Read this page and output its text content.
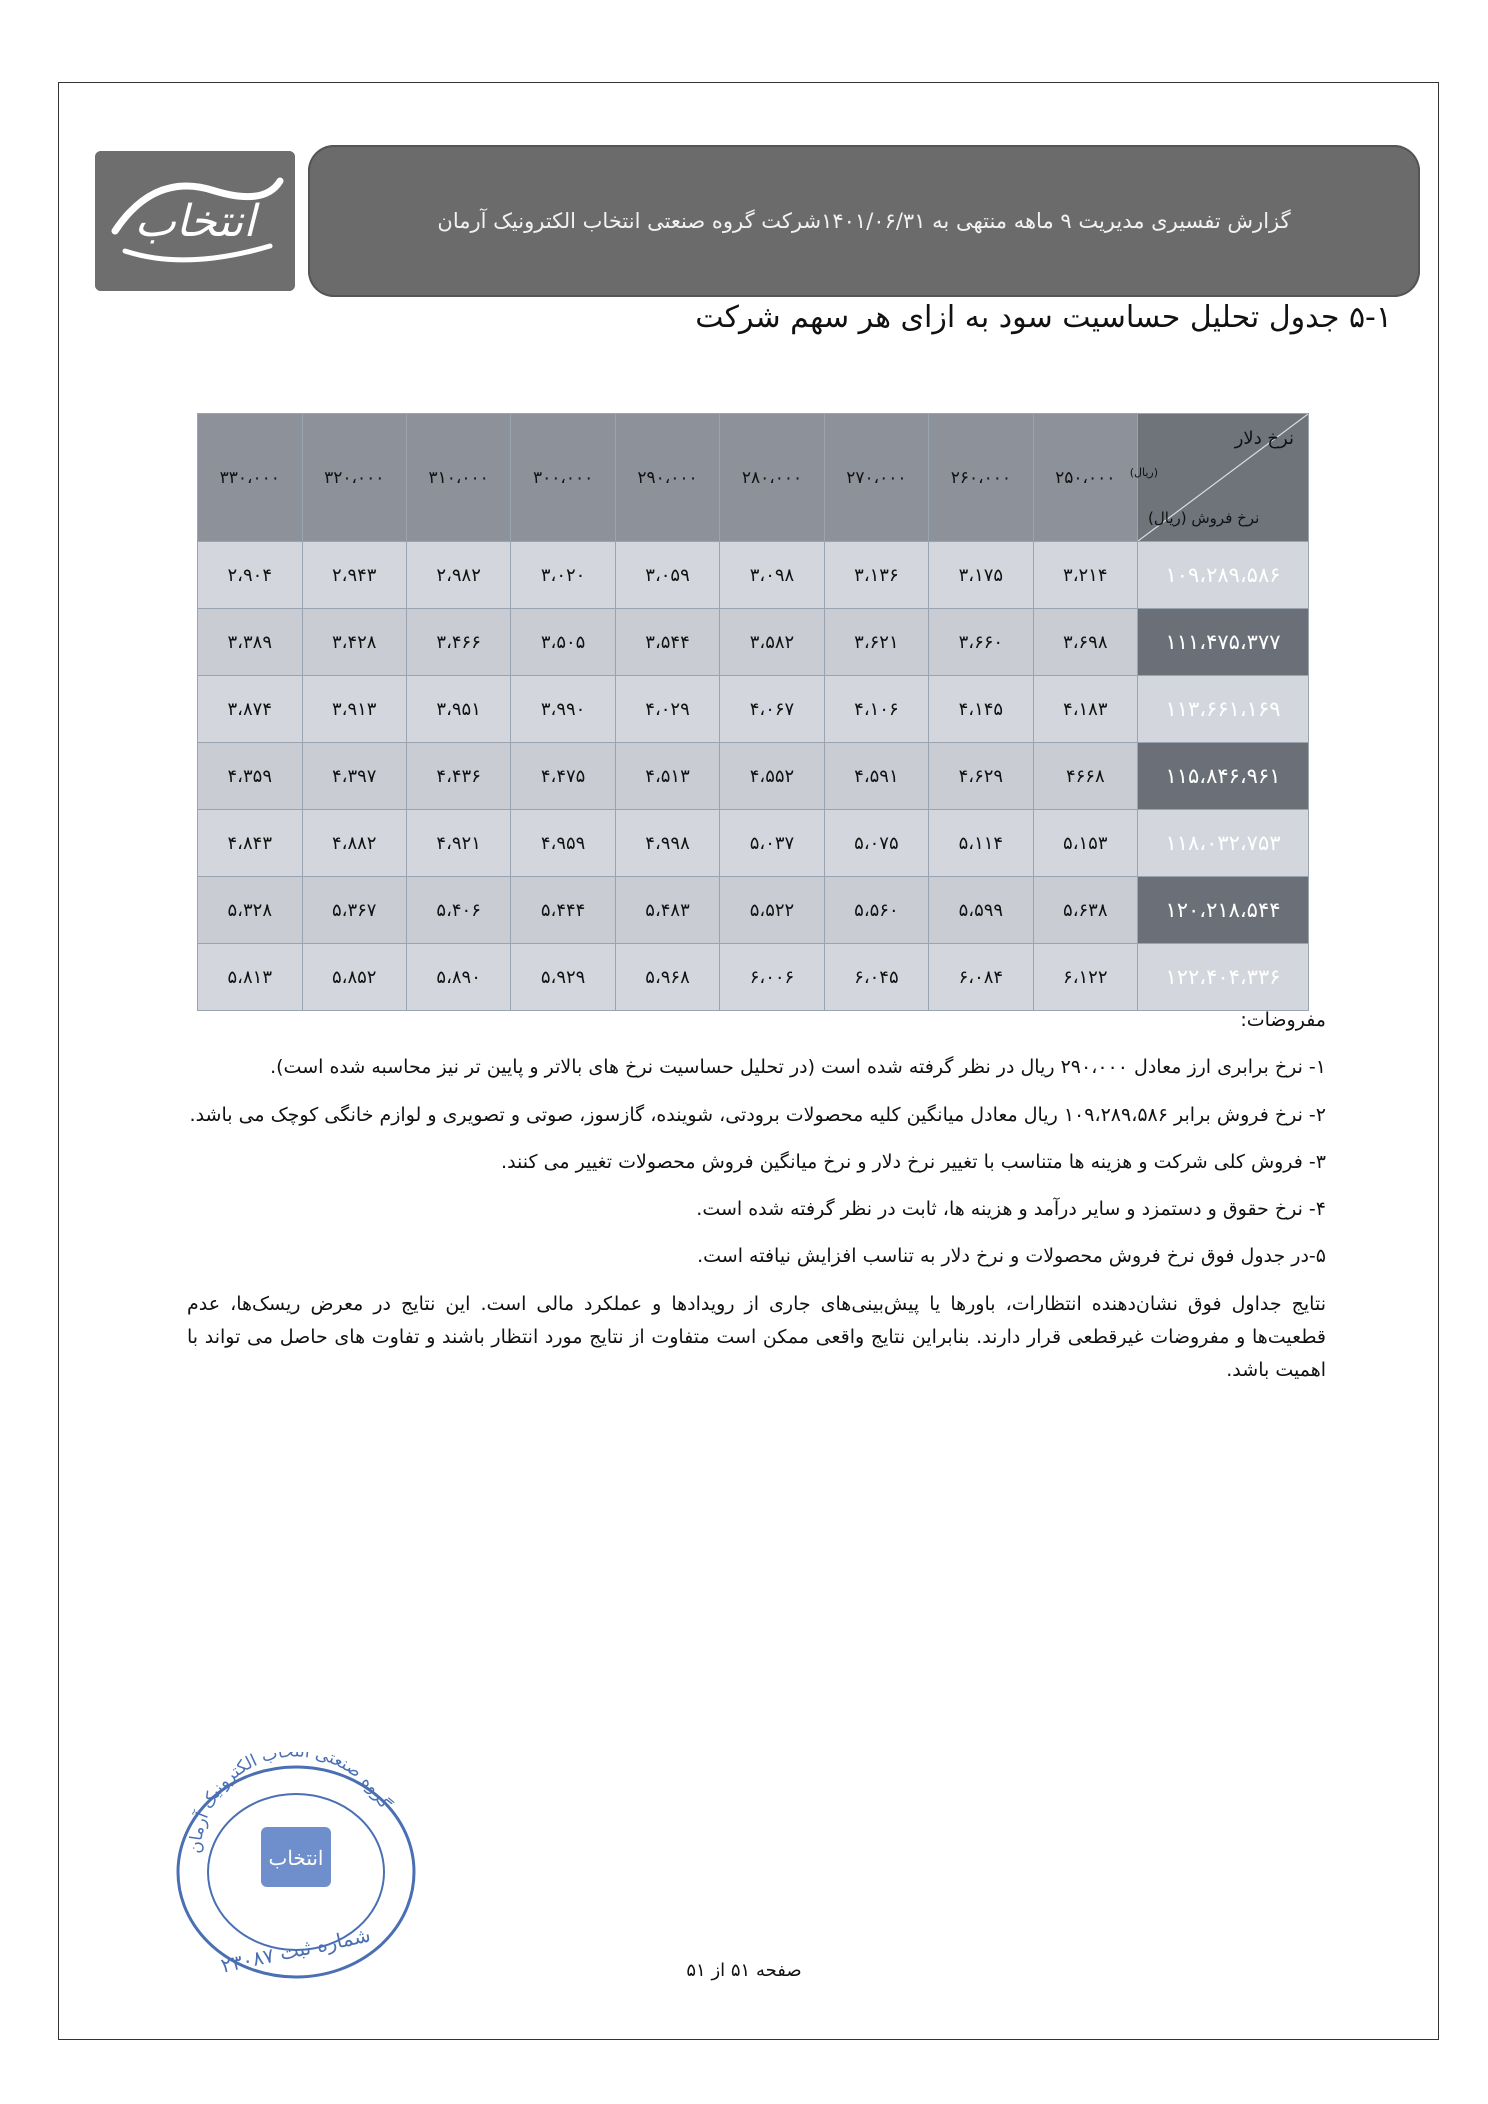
انتخاب	گزارش تفسیری مدیریت ۹ ماهه منتهی به ۱۴۰۱/۰۶/۳۱شرکت گروه صنعتی انتخاب الکترونیک آرمان
۵-۱ جدول تحلیل حساسیت سود به ازای هر سهم شرکت
نرخ دلار
(ریال)
نرخ فروش (ریال)	۲۵۰،۰۰۰	۲۶۰،۰۰۰	۲۷۰،۰۰۰	۲۸۰،۰۰۰	۲۹۰،۰۰۰	۳۰۰،۰۰۰	۳۱۰،۰۰۰	۳۲۰،۰۰۰	۳۳۰،۰۰۰
۱۰۹،۲۸۹،۵۸۶	۳،۲۱۴	۳،۱۷۵	۳،۱۳۶	۳،۰۹۸	۳،۰۵۹	۳،۰۲۰	۲،۹۸۲	۲،۹۴۳	۲،۹۰۴
۱۱۱،۴۷۵،۳۷۷	۳،۶۹۸	۳،۶۶۰	۳،۶۲۱	۳،۵۸۲	۳،۵۴۴	۳،۵۰۵	۳،۴۶۶	۳،۴۲۸	۳،۳۸۹
۱۱۳،۶۶۱،۱۶۹	۴،۱۸۳	۴،۱۴۵	۴،۱۰۶	۴،۰۶۷	۴،۰۲۹	۳،۹۹۰	۳،۹۵۱	۳،۹۱۳	۳،۸۷۴
۱۱۵،۸۴۶،۹۶۱	۴۶۶۸	۴،۶۲۹	۴،۵۹۱	۴،۵۵۲	۴،۵۱۳	۴،۴۷۵	۴،۴۳۶	۴،۳۹۷	۴،۳۵۹
۱۱۸،۰۳۲،۷۵۳	۵،۱۵۳	۵،۱۱۴	۵،۰۷۵	۵،۰۳۷	۴،۹۹۸	۴،۹۵۹	۴،۹۲۱	۴،۸۸۲	۴،۸۴۳
۱۲۰،۲۱۸،۵۴۴	۵،۶۳۸	۵،۵۹۹	۵،۵۶۰	۵،۵۲۲	۵،۴۸۳	۵،۴۴۴	۵،۴۰۶	۵،۳۶۷	۵،۳۲۸
۱۲۲،۴۰۴،۳۳۶	۶،۱۲۲	۶،۰۸۴	۶،۰۴۵	۶،۰۰۶	۵،۹۶۸	۵،۹۲۹	۵،۸۹۰	۵،۸۵۲	۵،۸۱۳

مفروضات:

۱- نرخ برابری ارز معادل ۲۹۰،۰۰۰ ریال در نظر گرفته شده است (در تحلیل حساسیت نرخ های بالاتر و پایین تر نیز محاسبه شده است).

۲- نرخ فروش برابر ۱۰۹،۲۸۹،۵۸۶ ریال معادل میانگین کلیه محصولات برودتی، شوینده، گازسوز، صوتی و تصویری و لوازم خانگی کوچک می باشد.

۳- فروش کلی شرکت و هزینه ها متناسب با تغییر نرخ دلار و نرخ میانگین فروش محصولات تغییر می کنند.

۴- نرخ حقوق و دستمزد و سایر درآمد و هزینه ها، ثابت در نظر گرفته شده است.

۵-در جدول فوق نرخ فروش محصولات و نرخ دلار به تناسب افزایش نیافته است.

نتایج جداول فوق نشان‌دهنده انتظارات، باورها یا پیش‌بینی‌های جاری از رویدادها و عملکرد مالی است. این نتایج در معرض ریسک‌ها، عدم قطعیت‌ها و مفروضات غیرقطعی قرار دارند. بنابراین نتایج واقعی ممکن است متفاوت از نتایج مورد انتظار باشند و تفاوت های حاصل می تواند با اهمیت باشد.

گروه صنعتی ا اب الکترونیک آرمان
انتخاب
شماره ثبت ۲۳۰۸۷
صفحه ۵۱ از ۵۱
